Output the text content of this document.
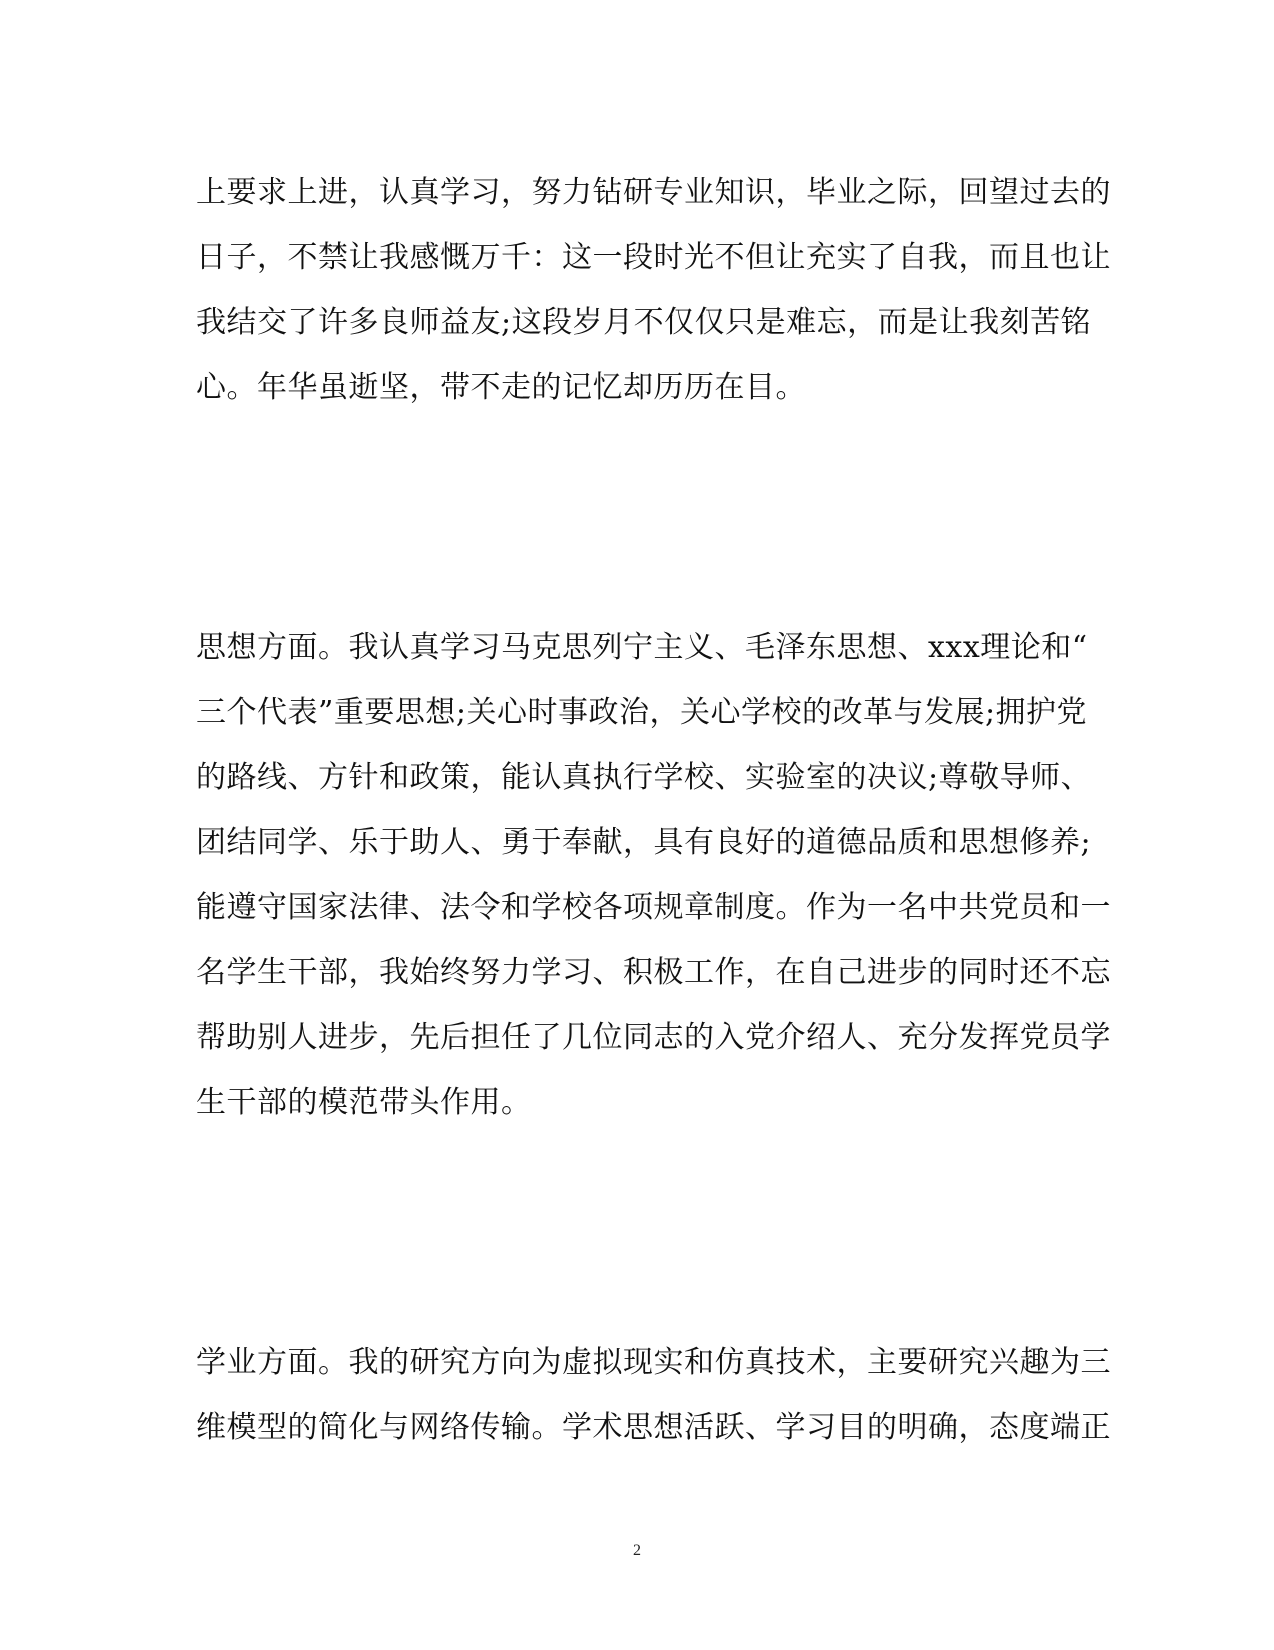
上要求上进，认真学习，努力钻研专业知识，毕业之际，回望过去的
日子，不禁让我感慨万千：这一段时光不但让充实了自我，而且也让
我结交了许多良师益友;这段岁月不仅仅只是难忘，而是让我刻苦铭
心。年华虽逝坚，带不走的记忆却历历在目。

思想方面。我认真学习马克思列宁主义、毛泽东思想、xxx理论和“
三个代表”重要思想;关心时事政治，关心学校的改革与发展;拥护党
的路线、方针和政策，能认真执行学校、实验室的决议;尊敬导师、
团结同学、乐于助人、勇于奉献，具有良好的道德品质和思想修养;
能遵守国家法律、法令和学校各项规章制度。作为一名中共党员和一
名学生干部，我始终努力学习、积极工作，在自己进步的同时还不忘
帮助别人进步，先后担任了几位同志的入党介绍人、充分发挥党员学
生干部的模范带头作用。

学业方面。我的研究方向为虚拟现实和仿真技术，主要研究兴趣为三
维模型的简化与网络传输。学术思想活跃、学习目的明确，态度端正

2
